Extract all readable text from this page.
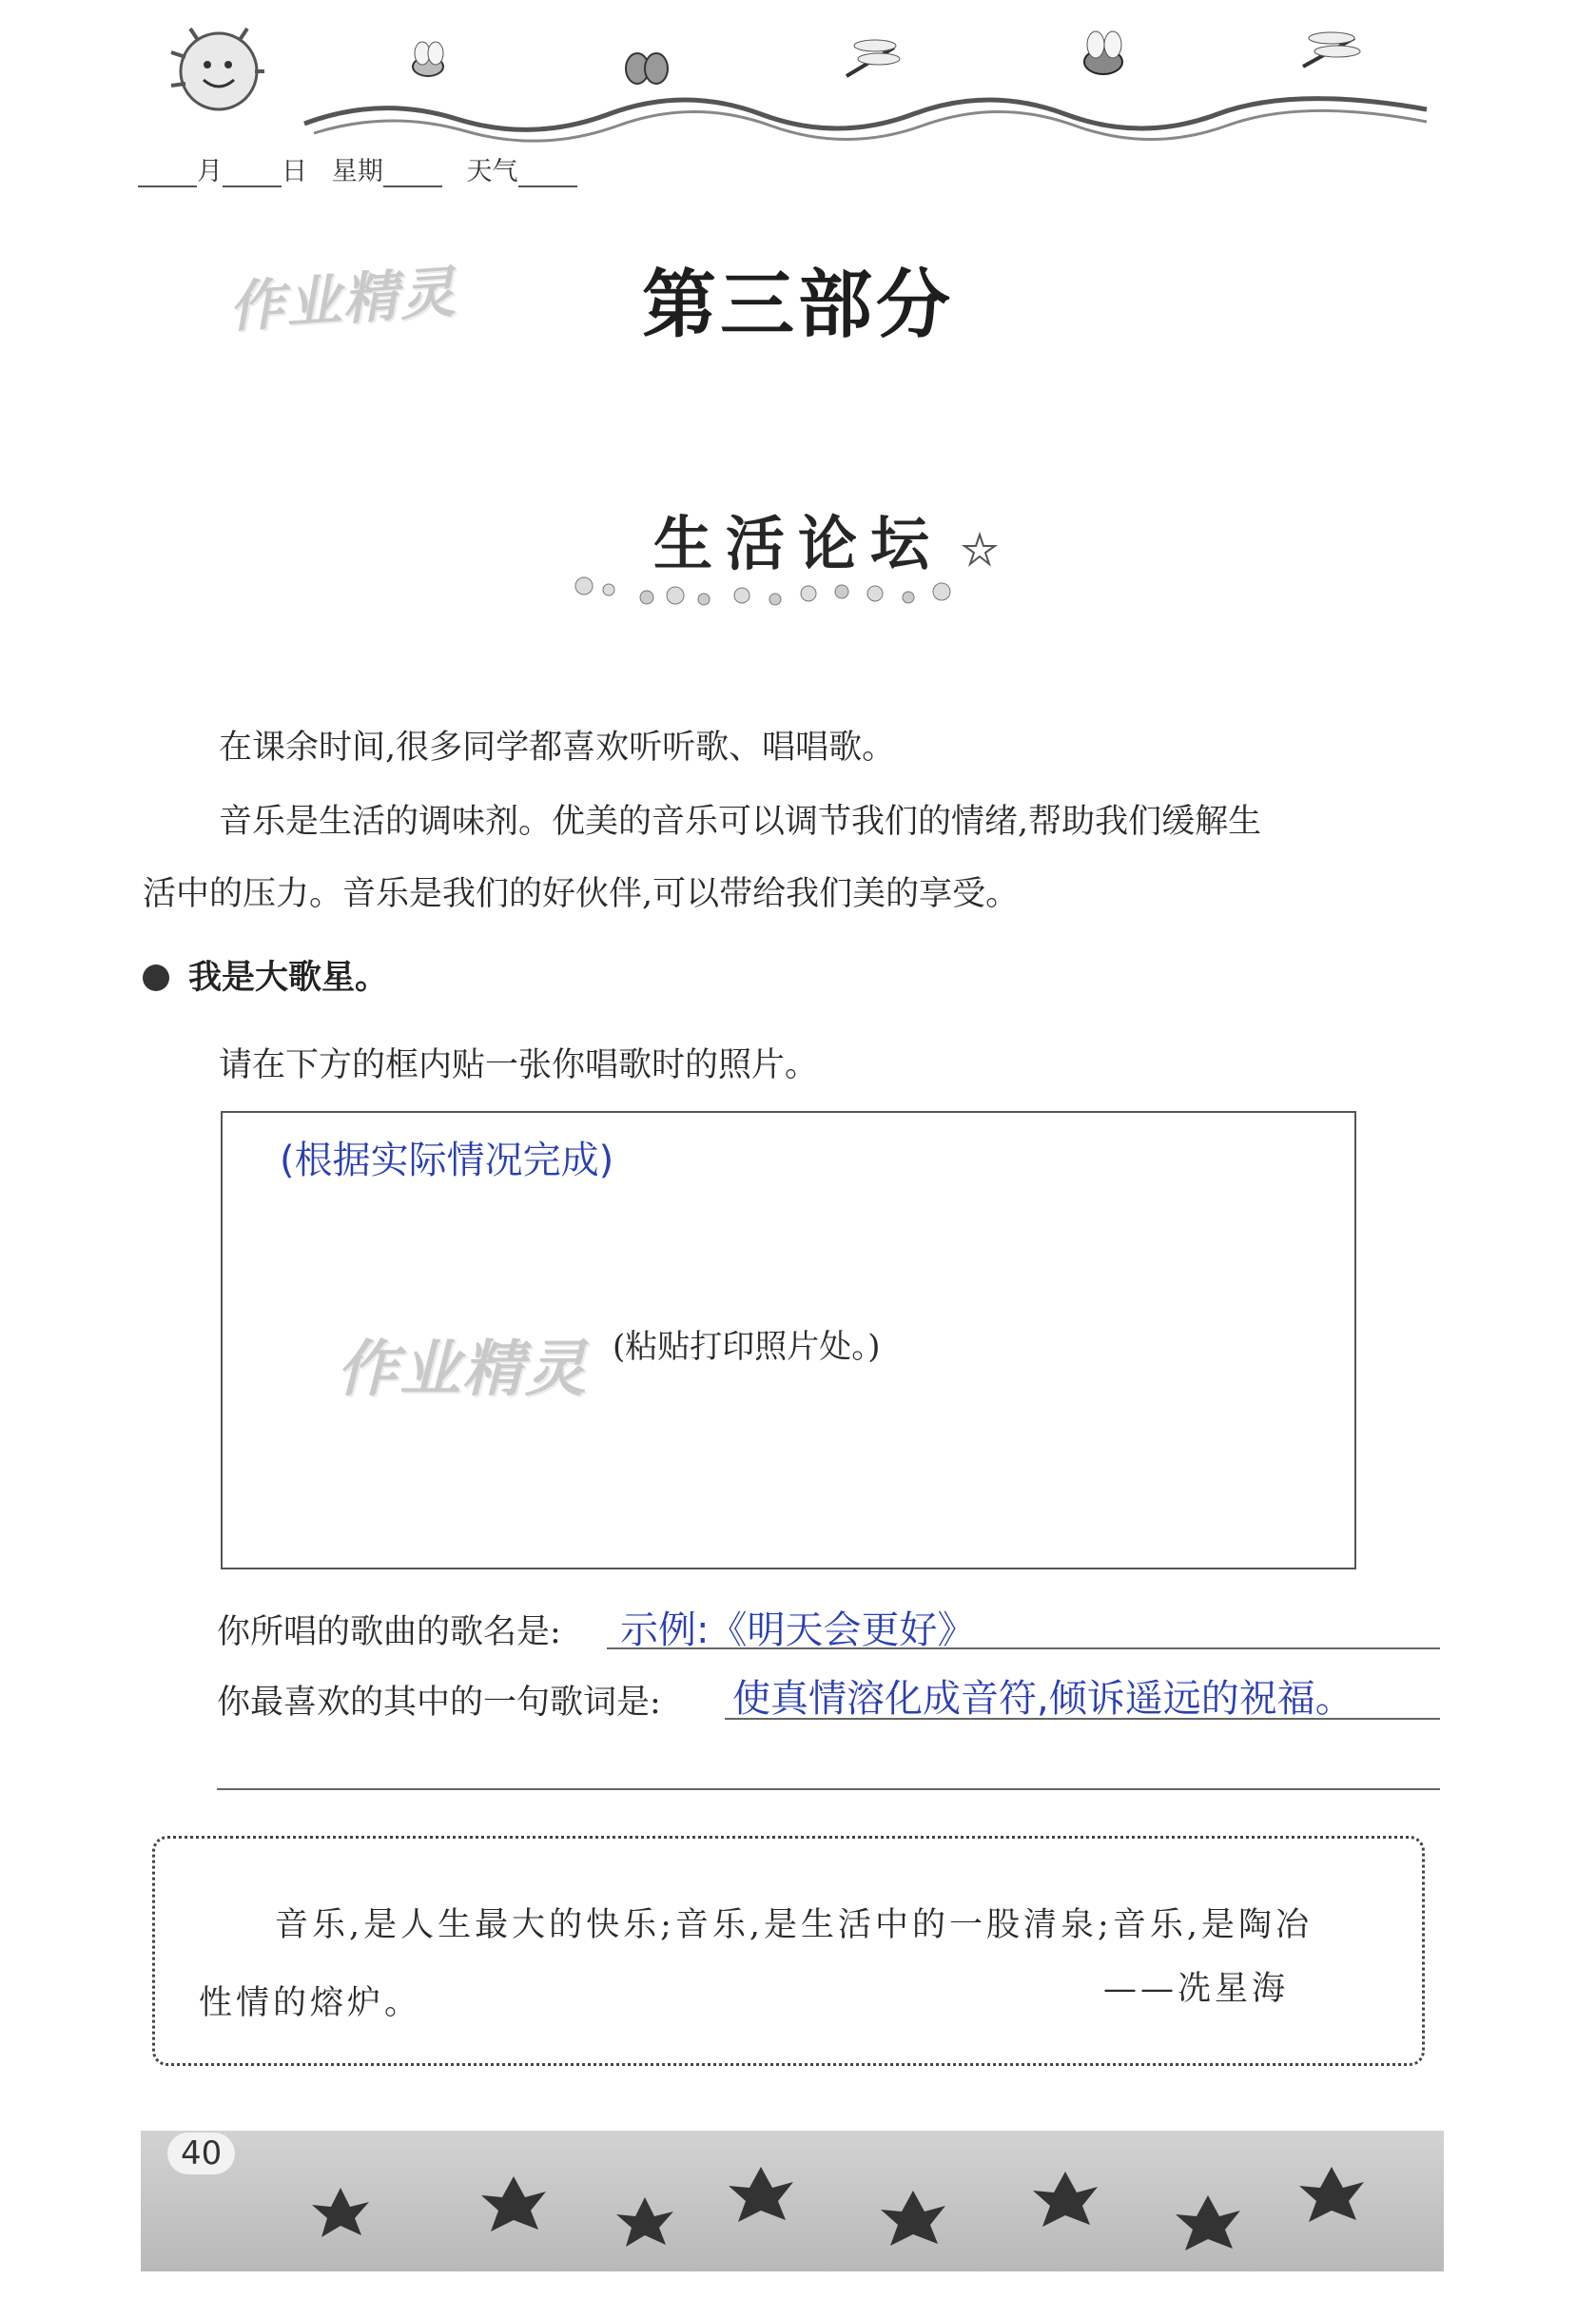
月 日 星期	天气
作业精灵	第三部分
生活论坛
在课余时间,很多同学都喜欢听听歌、唱唱歌。
音乐是生活的调味剂。优美的音乐可以调节我们的情绪,帮助我们缓解生
活中的压力。音乐是我们的好伙伴,可以带给我们美的享受。
我是大歌星。
请在下方的框内贴一张你唱歌时的照片。
(根据实际情况完成)
作业精灵 (粘贴打印照片处。)
你所唱的歌曲的歌名是: 示例:《明天会更好》
你最喜欢的其中的一句歌词是: 使真情溶化成音符,倾诉遥远的祝福。
音乐,是人生最大的快乐;音乐,是生活中的一股清泉;音乐,是陶冶
性情的熔炉。	——冼星海
40
